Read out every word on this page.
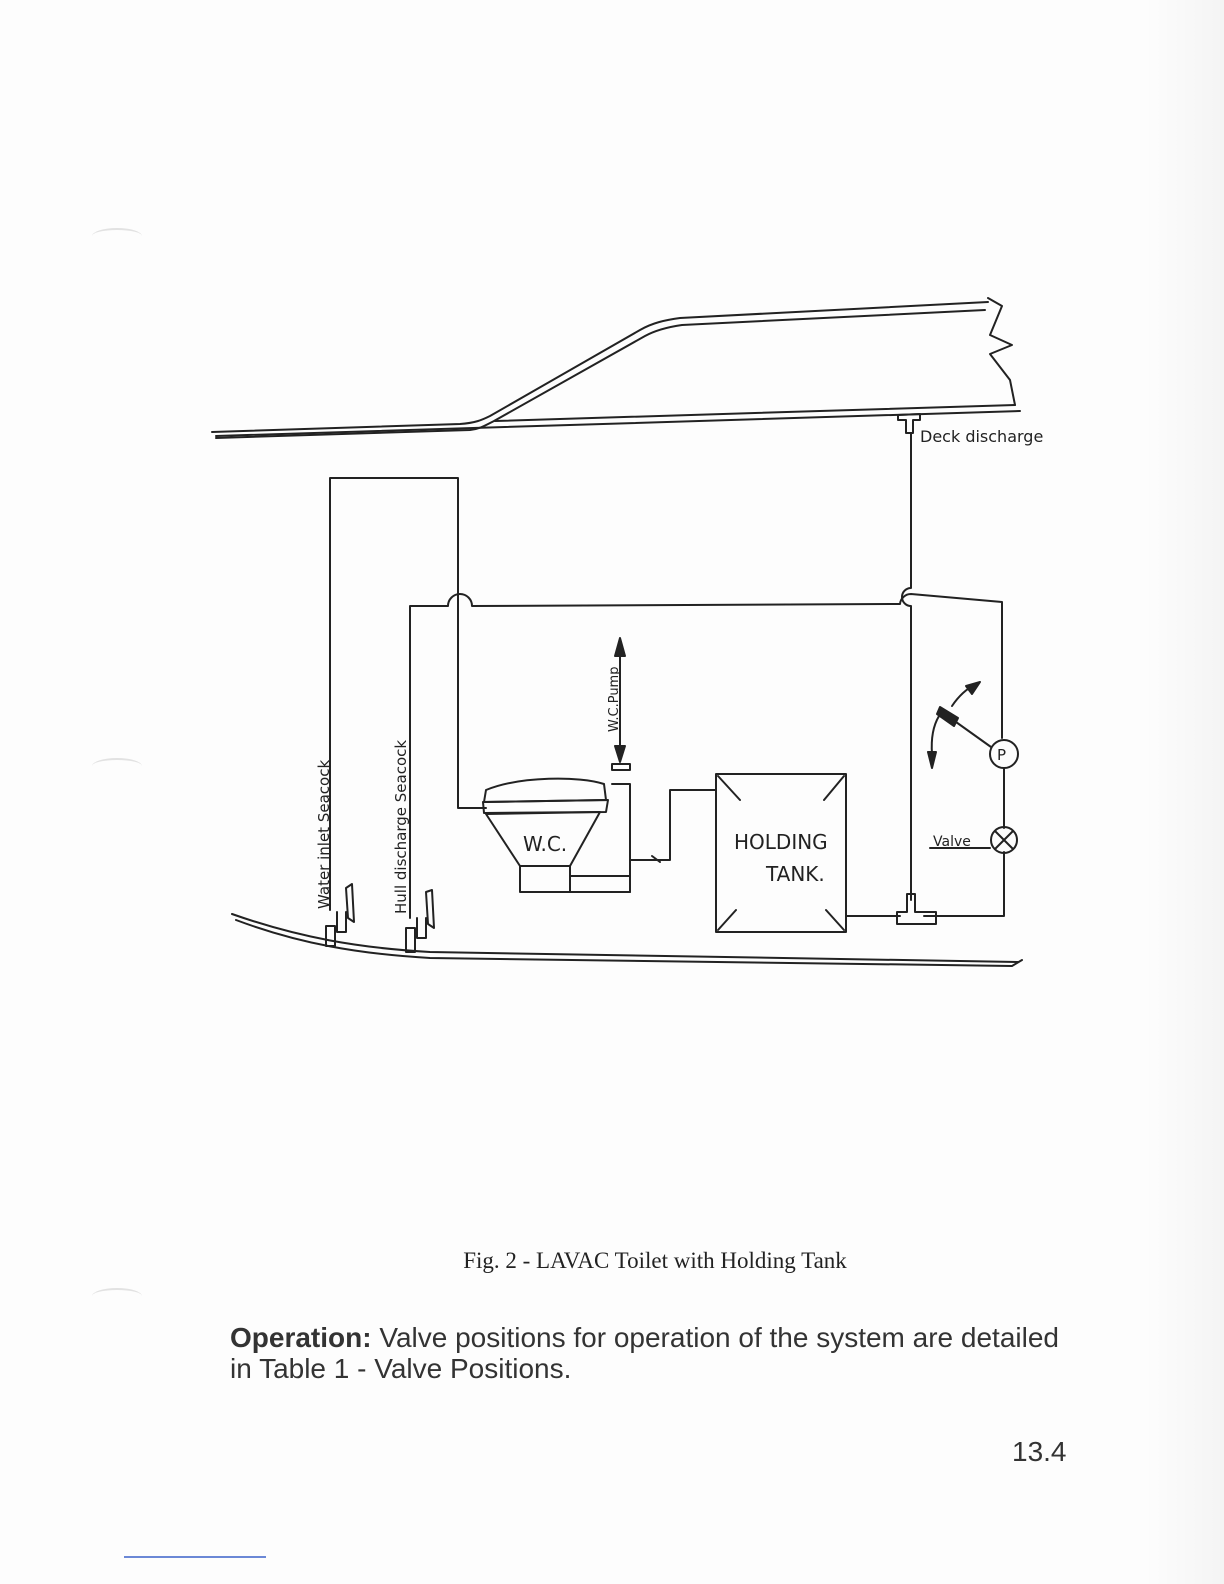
Deck discharge
W.C.
W.C.Pump
HOLDING
TANK.
Valve
P
Water inlet Seacock	Hull discharge Seacock
Fig. 2 - LAVAC Toilet with Holding Tank
Operation: Valve positions for operation of the system are detailed in Table 1 - Valve Positions.
13.4
